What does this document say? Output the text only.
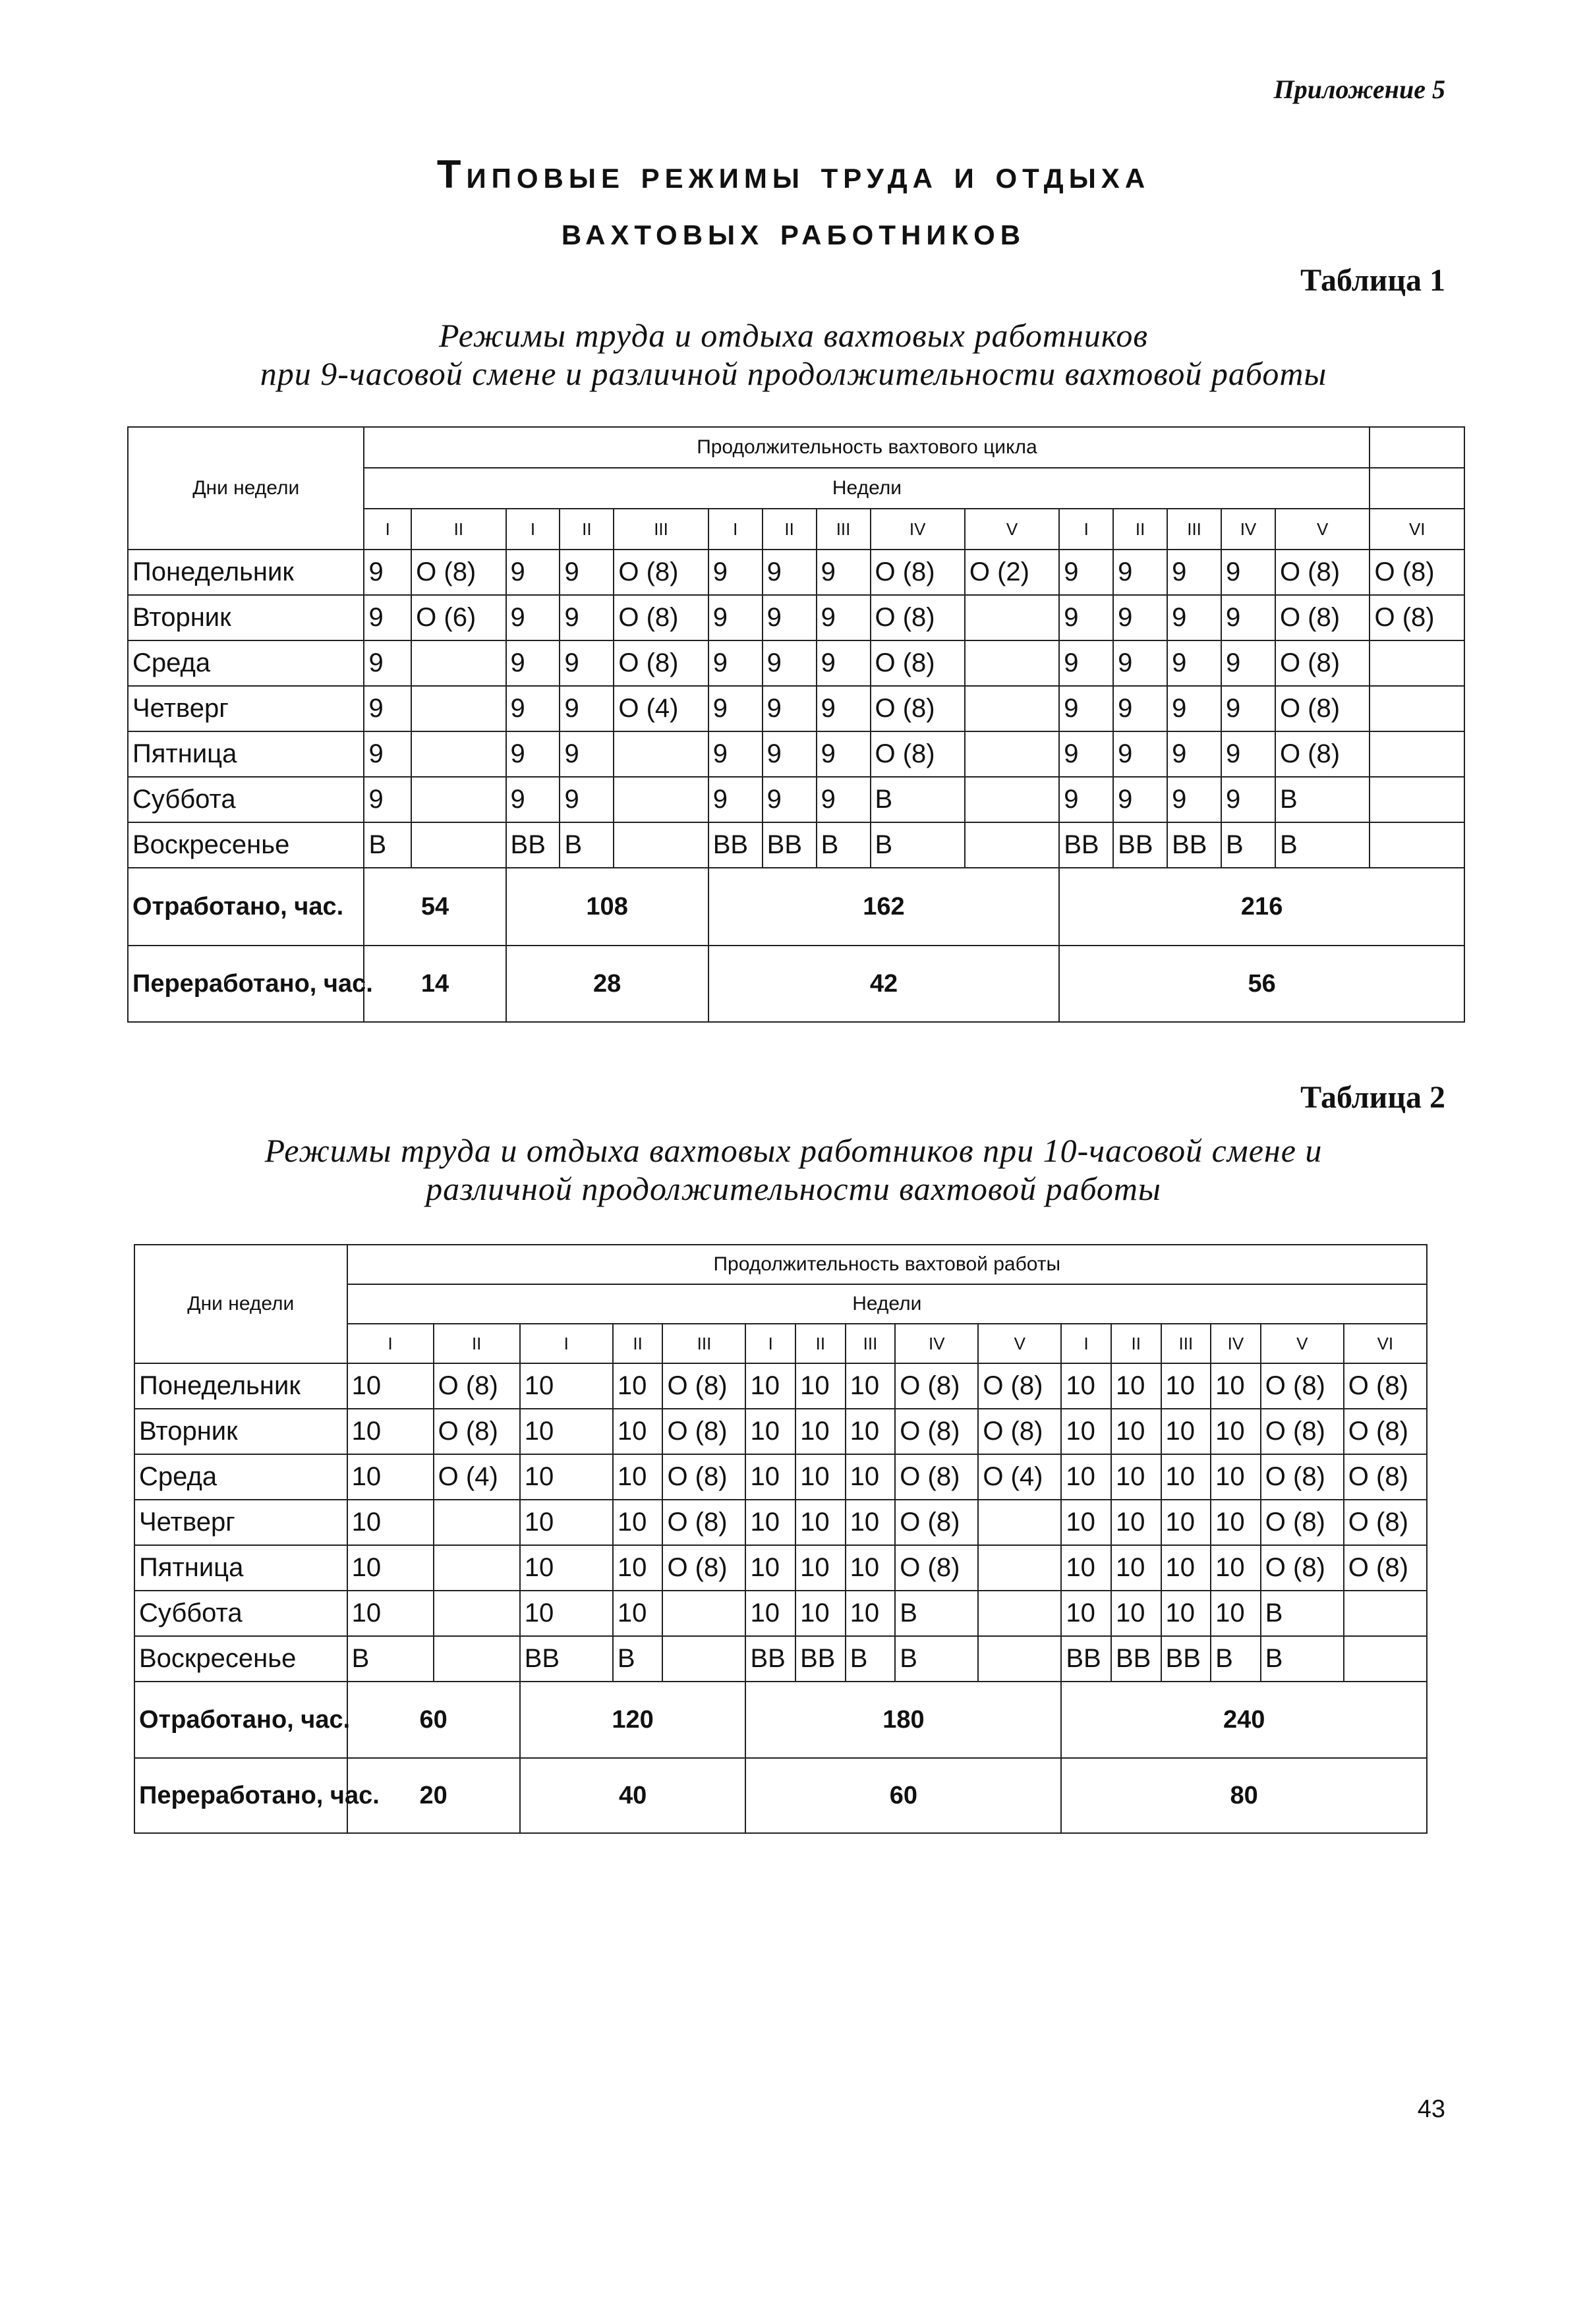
Приложение 5
Типовые режимы труда и отдыха
вахтовых работников
Таблица 1
Режимы труда и отдыха вахтовых работников
при 9-часовой смене и различной продолжительности вахтовой работы
Дни недели	Продолжительность вахтового цикла															
	Недели															
	I	II	I	II	III	I	II	III	IV	V	I	II	III	IV	V	VI
Понедельник	9	О (8)	9	9	О (8)	9	9	9	О (8)	О (2)	9	9	9	9	О (8)	О (8)
Вторник	9	О (6)	9	9	О (8)	9	9	9	О (8)		9	9	9	9	О (8)	О (8)
Среда	9		9	9	О (8)	9	9	9	О (8)		9	9	9	9	О (8)	
Четверг	9		9	9	О (4)	9	9	9	О (8)		9	9	9	9	О (8)	
Пятница	9		9	9		9	9	9	О (8)		9	9	9	9	О (8)	
Суббота	9		9	9		9	9	9	В		9	9	9	9	В	
Воскресенье	В		ВВ	В		ВВ	ВВ	В	В		ВВ	ВВ	ВВ	В	В	
Отработано, час.	54		108			162					216					
Переработано, час.	14		28			42					56					
Таблица 2
Режимы труда и отдыха вахтовых работников при 10-часовой смене и
различной продолжительности вахтовой работы
Дни недели	Продолжительность вахтовой работы															
	Недели															
	I	II	I	II	III	I	II	III	IV	V	I	II	III	IV	V	VI
Понедельник	10	О (8)	10	10	О (8)	10	10	10	О (8)	О (8)	10	10	10	10	О (8)	О (8)
Вторник	10	О (8)	10	10	О (8)	10	10	10	О (8)	О (8)	10	10	10	10	О (8)	О (8)
Среда	10	О (4)	10	10	О (8)	10	10	10	О (8)	О (4)	10	10	10	10	О (8)	О (8)
Четверг	10		10	10	О (8)	10	10	10	О (8)		10	10	10	10	О (8)	О (8)
Пятница	10		10	10	О (8)	10	10	10	О (8)		10	10	10	10	О (8)	О (8)
Суббота	10		10	10		10	10	10	В		10	10	10	10	В	
Воскресенье	В		ВВ	В		ВВ	ВВ	В	В		ВВ	ВВ	ВВ	В	В	
Отработано, час.	60		120			180					240					
Переработано, час.	20		40			60					80					
43
